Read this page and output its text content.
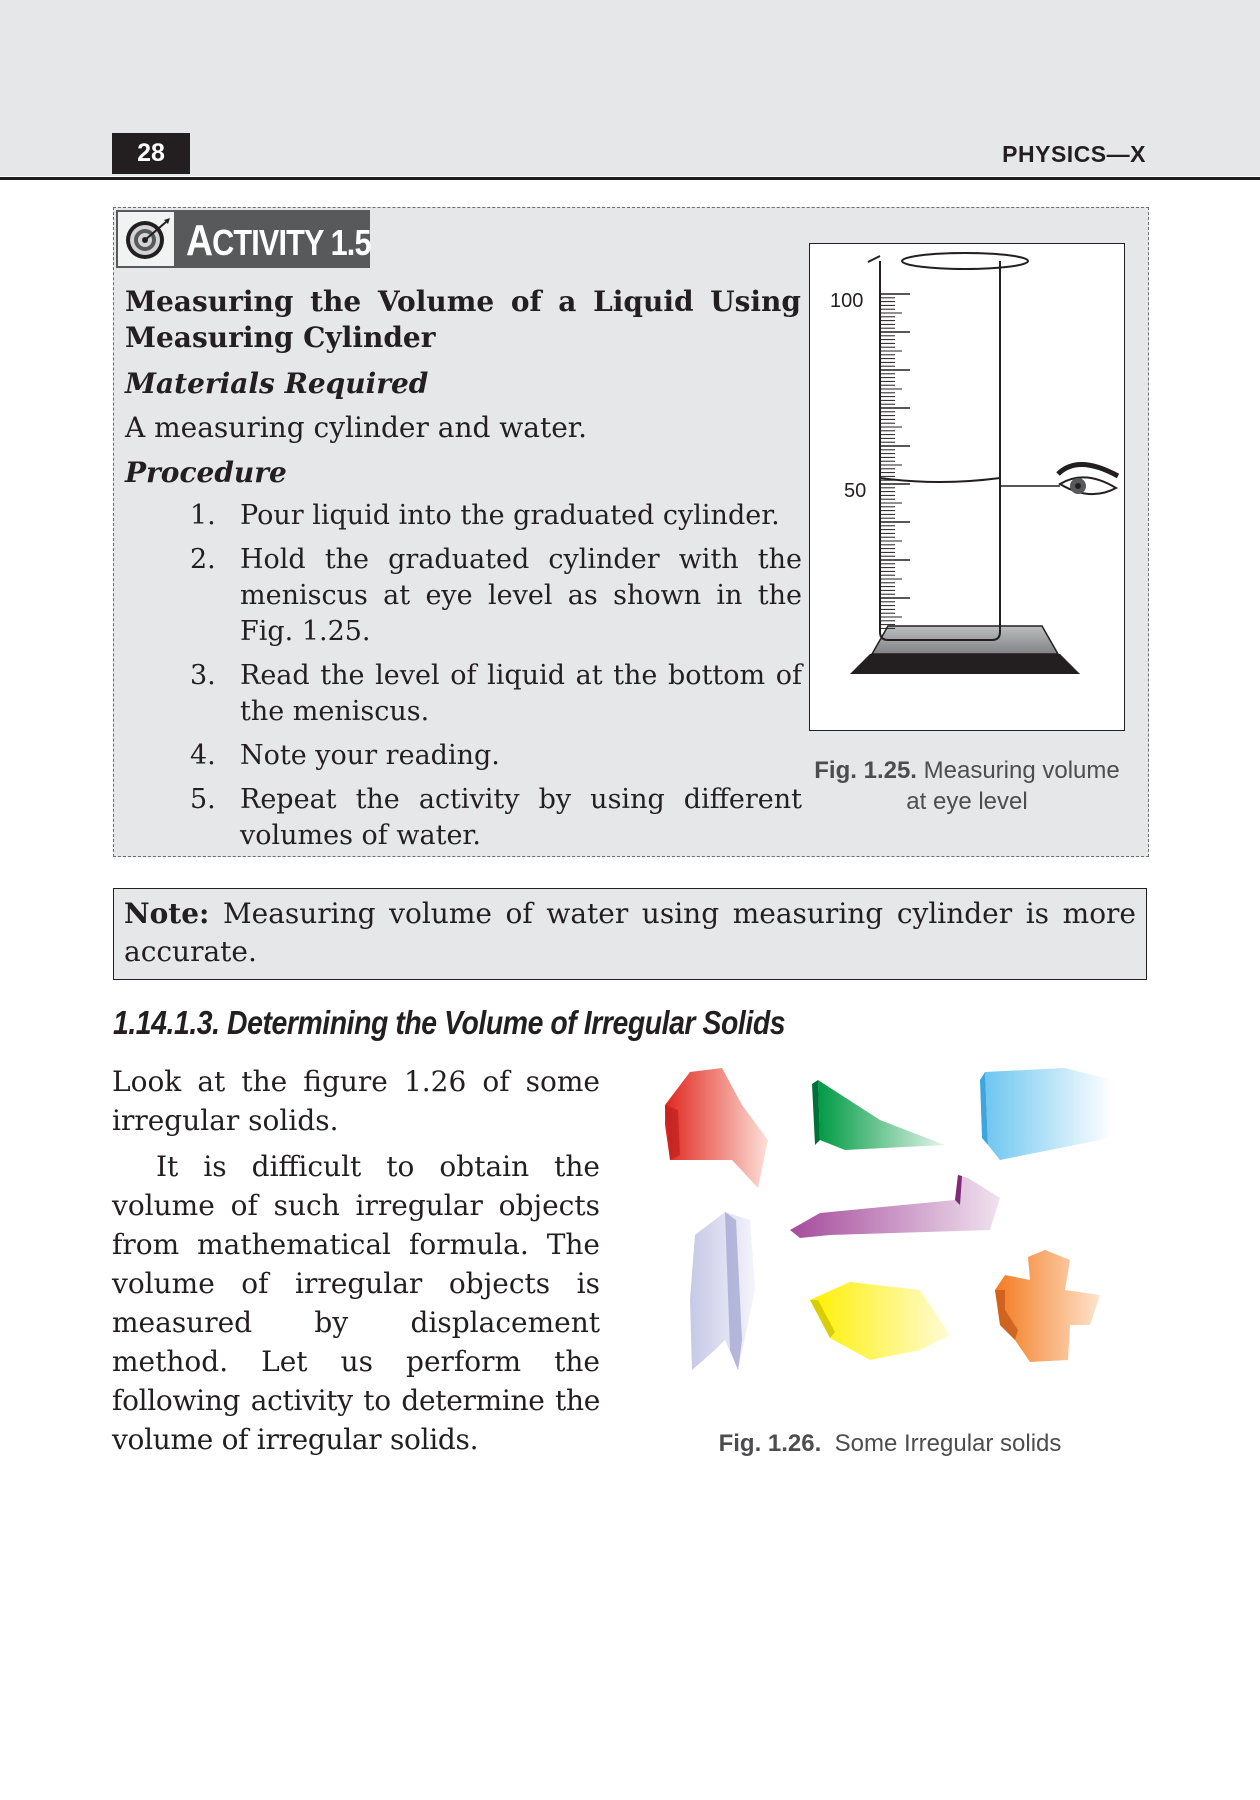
28	PHYSICS—X
ACTIVITY 1.5
Measuring the Volume of a Liquid Using Measuring Cylinder
Materials Required
A measuring cylinder and water.
Procedure
1. Pour liquid into the graduated cylinder.
2. Hold the graduated cylinder with the meniscus at eye level as shown in the Fig. 1.25.
3. Read the level of liquid at the bottom of the meniscus.
4. Note your reading.
5. Repeat the activity by using different volumes of water.
100
50
Fig. 1.25. Measuring volume
at eye level
Note: Measuring volume of water using measuring cylinder is more accurate.
1.14.1.3. Determining the Volume of Irregular Solids

Look at the figure 1.26 of some irregular solids.

It is difficult to obtain the volume of such irregular objects from mathematical formula. The volume of irregular objects is measured by displacement method. Let us perform the

following activity to determine the volume of irregular solids.	Fig. 1.26. Some Irregular solids
